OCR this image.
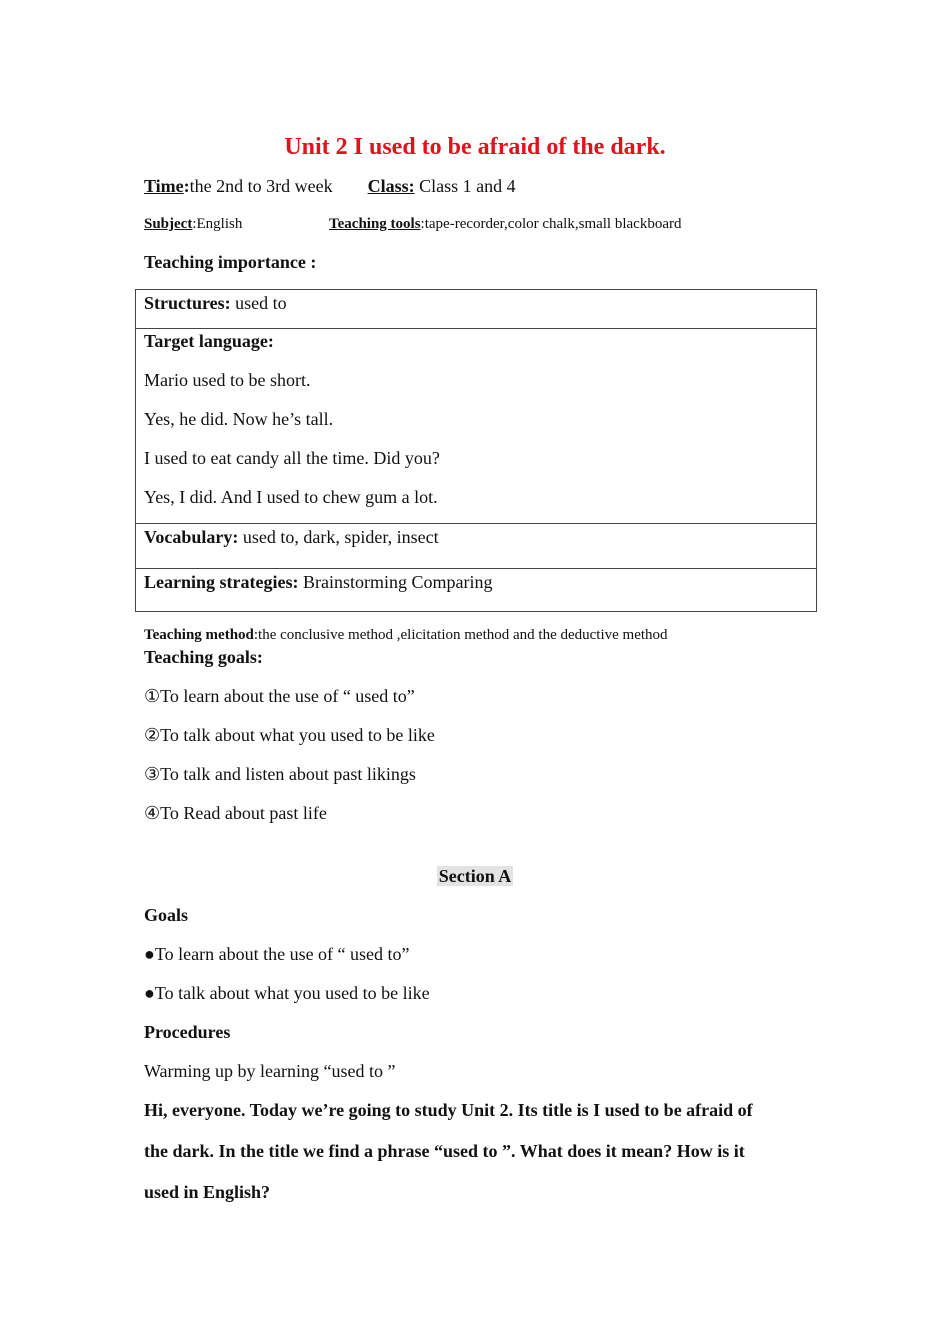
Unit 2 I used to be afraid of the dark.
Time:the 2nd to 3rd week Class: Class 1 and 4
Subject:English	Teaching tools:tape-recorder,color chalk,small blackboard
Teaching importance :
Structures: used to
Target language:
Mario used to be short.
Yes, he did. Now he’s tall.
I used to eat candy all the time. Did you?
Yes, I did. And I used to chew gum a lot.
Vocabulary: used to, dark, spider, insect
Learning strategies: Brainstorming Comparing
Teaching method:the conclusive method ,elicitation method and the deductive method
Teaching goals:
①To learn about the use of “ used to”
②To talk about what you used to be like
③To talk and listen about past likings
④To Read about past life
Section A
Goals
●To learn about the use of “ used to”
●To talk about what you used to be like
Procedures
Warming up by learning “used to ”
Hi, everyone. Today we’re going to study Unit 2. Its title is I used to be afraid of
the dark. In the title we find a phrase “used to ”. What does it mean? How is it
used in English?
